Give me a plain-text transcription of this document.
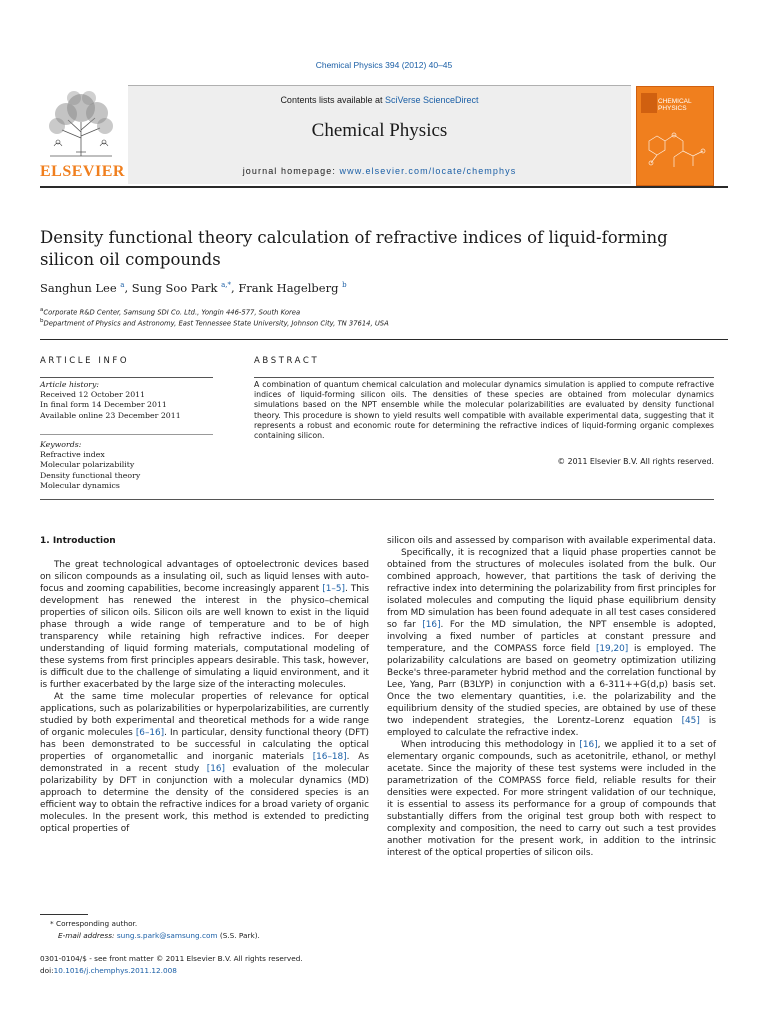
Chemical Physics 394 (2012) 40–45
Contents lists available at SciVerse ScienceDirect
Chemical Physics
journal homepage: www.elsevier.com/locate/chemphys
ELSEVIER
CHEMICAL
PHYSICS
Density functional theory calculation of refractive indices of liquid-forming silicon oil compounds
Sanghun Lee $^a$, Sung Soo Park $^{a,*}$, Frank Hagelberg $^b$
$^a$Corporate R&D Center, Samsung SDI Co. Ltd., Yongin 446-577, South Korea
$^b$Department of Physics and Astronomy, East Tennessee State University, Johnson City, TN 37614, USA
ARTICLE INFO	ABSTRACT
Article history:
Received 12 October 2011
In final form 14 December 2011
Available online 23 December 2011
Keywords:
Refractive index
Molecular polarizability
Density functional theory
Molecular dynamics
A combination of quantum chemical calculation and molecular dynamics simulation is applied to compute refractive indices of liquid-forming silicon oils. The densities of these species are obtained from molecular dynamics simulations based on the NPT ensemble while the molecular polarizabilities are evaluated by density functional theory. This procedure is shown to yield results well compatible with available experimental data, suggesting that it represents a robust and economic route for determining the refractive indices of liquid-forming organic complexes containing silicon.
© 2011 Elsevier B.V. All rights reserved.
1. Introduction

The great technological advantages of optoelectronic devices based on silicon compounds as a insulating oil, such as liquid lenses with auto-focus and zooming capabilities, become increasingly apparent [1–5]. This development has renewed the interest in the physico–chemical properties of silicon oils. Silicon oils are well known to exist in the liquid phase through a wide range of temperature and to be of high transparency while retaining high refractive indices. For deeper understanding of liquid forming materials, computational modeling of these systems from first principles appears desirable. This task, however, is difficult due to the challenge of simulating a liquid environment, and it is further exacerbated by the large size of the interacting molecules.

At the same time molecular properties of relevance for optical applications, such as polarizabilities or hyperpolarizabilities, are currently studied by both experimental and theoretical methods for a wide range of organic molecules [6–16]. In particular, density functional theory (DFT) has been demonstrated to be successful in calculating the optical properties of organometallic and inorganic materials [16–18]. As demonstrated in a recent study [16] evaluation of the molecular polarizability by DFT in conjunction with a molecular dynamics (MD) approach to determine the density of the considered species is an efficient way to obtain the refractive indices for a broad variety of organic molecules. In the present work, this method is extended to predicting optical properties of

silicon oils and assessed by comparison with available experimental data.

Specifically, it is recognized that a liquid phase properties cannot be obtained from the structures of molecules isolated from the bulk. Our combined approach, however, that partitions the task of deriving the refractive index into determining the polarizability from first principles for isolated molecules and computing the liquid phase equilibrium density from MD simulation has been found adequate in all test cases considered so far [16]. For the MD simulation, the NPT ensemble is adopted, involving a fixed number of particles at constant pressure and temperature, and the COMPASS force field [19,20] is employed. The polarizability calculations are based on geometry optimization utilizing Becke's three-parameter hybrid method and the correlation functional by Lee, Yang, Parr (B3LYP) in conjunction with a 6-311++G(d,p) basis set. Once the two elementary quantities, i.e. the polarizability and the equilibrium density of the studied species, are obtained by use of these two independent strategies, the Lorentz–Lorenz equation [45] is employed to calculate the refractive index.

When introducing this methodology in [16], we applied it to a set of elementary organic compounds, such as acetonitrile, ethanol, or methyl acetate. Since the majority of these test systems were included in the parametrization of the COMPASS force field, reliable results for their densities were expected. For more stringent validation of our technique, it is essential to assess its performance for a group of compounds that substantially differs from the original test group both with respect to complexity and composition, the need to carry out such a test provides another motivation for the present work, in addition to the intrinsic interest of the optical properties of silicon oils.

* Corresponding author.
E-mail address: sung.s.park@samsung.com (S.S. Park).
0301-0104/$ - see front matter © 2011 Elsevier B.V. All rights reserved.
doi:10.1016/j.chemphys.2011.12.008
